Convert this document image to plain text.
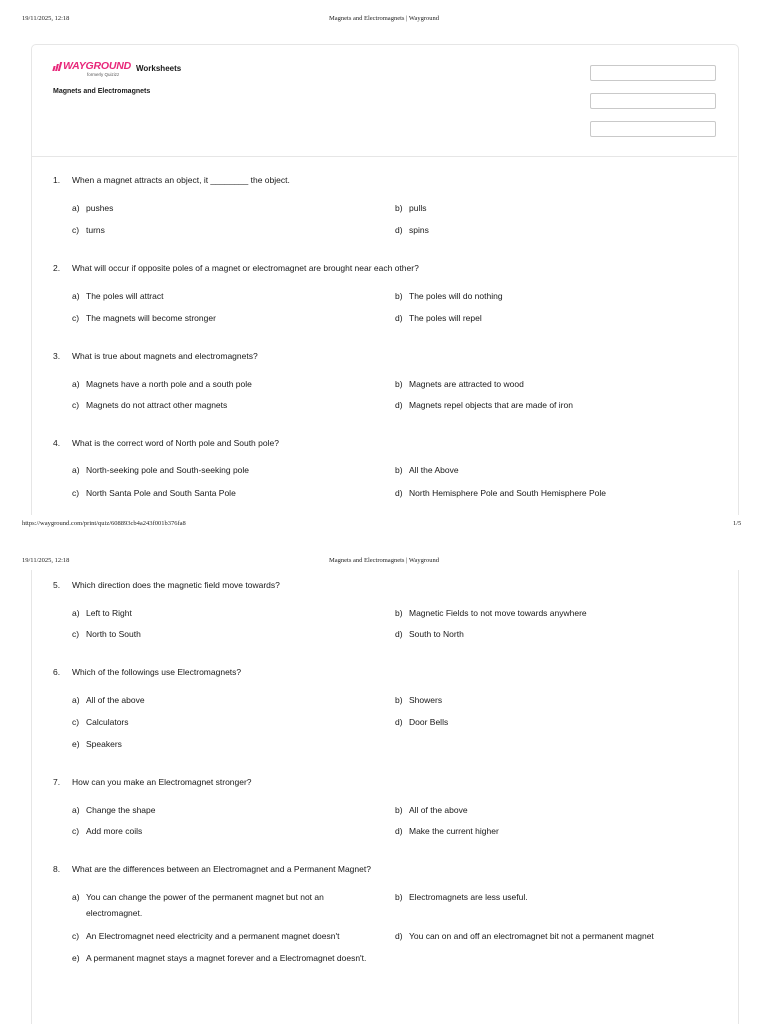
19/11/2025, 12:18	Magnets and Electromagnets | Wayground
WAYGROUND
formerly Quizizz
Worksheets
Magnets and Electromagnets
1. When a magnet attracts an object, it ________ the object.
a) pushes	b) pulls
c) turns	d) spins
2. What will occur if opposite poles of a magnet or electromagnet are brought near each other?
a) The poles will attract	b) The poles will do nothing
c) The magnets will become stronger	d) The poles will repel
3. What is true about magnets and electromagnets?
a) Magnets have a north pole and a south pole	b) Magnets are attracted to wood
c) Magnets do not attract other magnets	d) Magnets repel objects that are made of iron
4. What is the correct word of North pole and South pole?
a) North-seeking pole and South-seeking pole	b) All the Above
c) North Santa Pole and South Santa Pole	d) North Hemisphere Pole and South Hemisphere Pole
https://wayground.com/print/quiz/608893cb4a243f001b376fa8	1/5
19/11/2025, 12:18	Magnets and Electromagnets | Wayground
5. Which direction does the magnetic field move towards?
a) Left to Right	b) Magnetic Fields to not move towards anywhere
c) North to South	d) South to North
6. Which of the followings use Electromagnets?
a) All of the above	b) Showers
c) Calculators	d) Door Bells
e) Speakers
7. How can you make an Electromagnet stronger?
a) Change the shape	b) All of the above
c) Add more coils	d) Make the current higher
8. What are the differences between an Electromagnet and a Permanent Magnet?
a) You can change the power of the permanent magnet but not an electromagnet.
b) Electromagnets are less useful.
c) An Electromagnet need electricity and a permanent magnet doesn't	d) You can on and off an electromagnet bit not a permanent magnet
e) A permanent magnet stays a magnet forever and a Electromagnet doesn't.
